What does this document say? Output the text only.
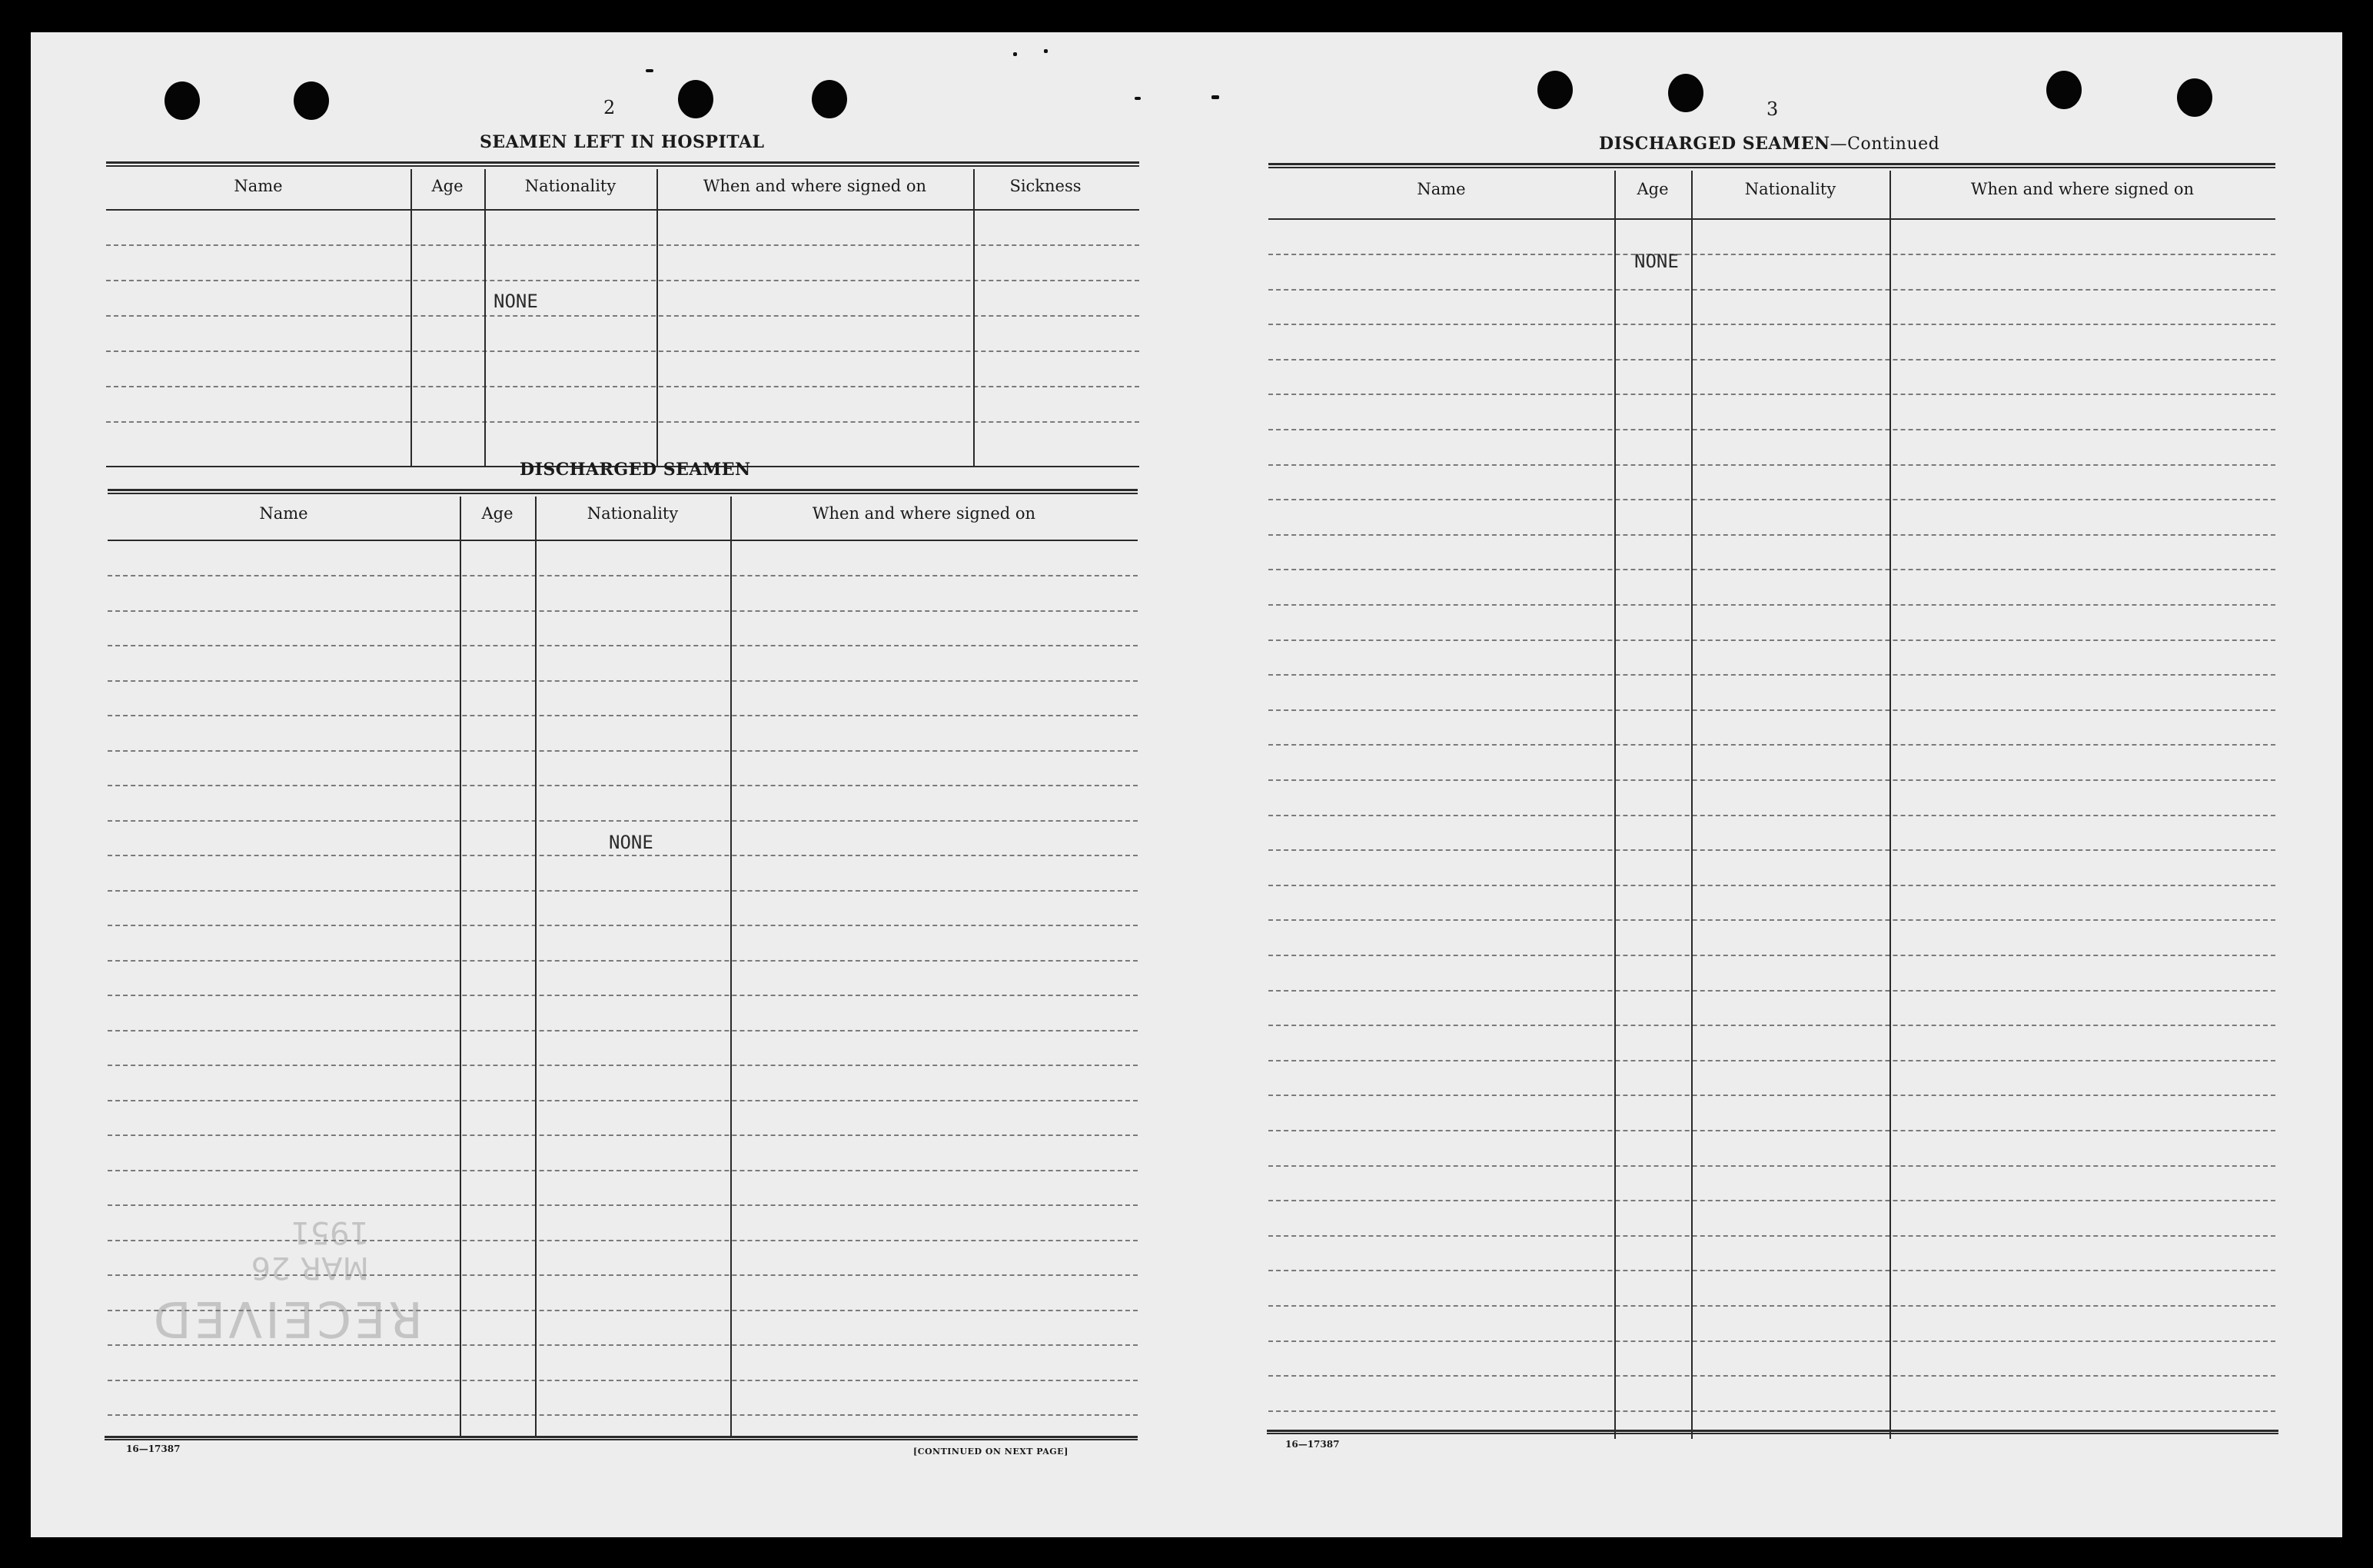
2
SEAMEN LEFT IN HOSPITAL
Name	Age	Nationality	When and where signed on	Sickness
NONE
DISCHARGED SEAMEN
Name	Age	Nationality	When and where signed on
NONE
16—17387	[CONTINUED ON NEXT PAGE]
RECEIVED
MAR 26 1951
3
DISCHARGED SEAMEN—Continued
Name	Age	Nationality	When and where signed on
NONE
16—17387
